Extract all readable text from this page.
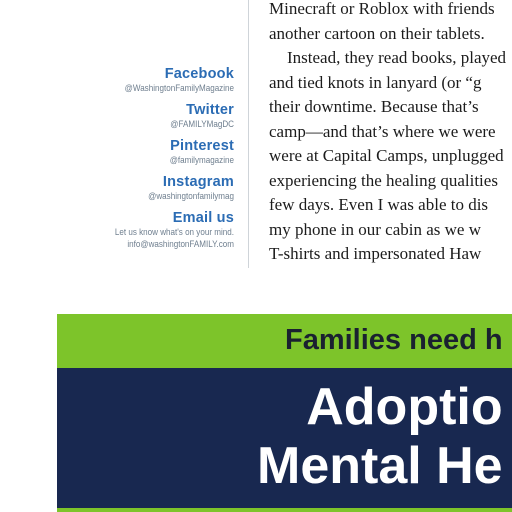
Facebook
@WashingtonFamilyMagazine
Twitter
@FAMILYMagDC
Pinterest
@familymagazine
Instagram
@washingtonfamilymag
Email us
Let us know what's on your mind.
info@washingtonFAMILY.com
Minecraft or Roblox with friends
another cartoon on their tablets.
Instead, they read books, played
and tied knots in lanyard (or “g
their downtime. Because that’s
camp—and that’s where we were
were at Capital Camps, unplugged
experiencing the healing qualities
few days. Even I was able to dis
my phone in our cabin as we w
T-shirts and impersonated Haw
Families need h
Adoptio
Mental He
